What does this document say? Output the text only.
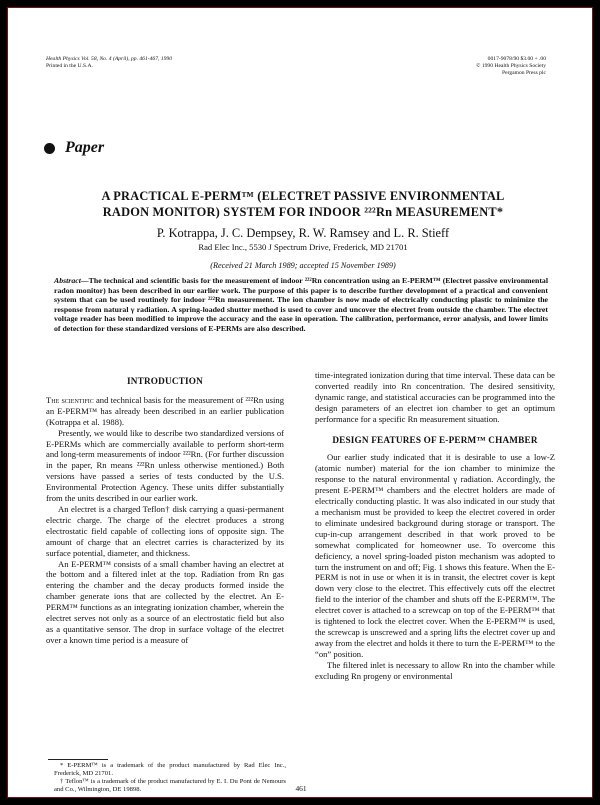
Health Physics Vol. 58, No. 4 (April), pp. 461-467, 1990
Printed in the U.S.A.
0017-9078/90 $3.00 + .00
© 1990 Health Physics Society
Pergamon Press plc
Paper
A PRACTICAL E-PERM™ (ELECTRET PASSIVE ENVIRONMENTAL
RADON MONITOR) SYSTEM FOR INDOOR ²²²Rn MEASUREMENT*
P. Kotrappa, J. C. Dempsey, R. W. Ramsey and L. R. Stieff
Rad Elec Inc., 5530 J Spectrum Drive, Frederick, MD 21701
(Received 21 March 1989; accepted 15 November 1989)
Abstract—The technical and scientific basis for the measurement of indoor ²²²Rn concentration using an E-PERM™ (Electret passive environmental radon monitor) has been described in our earlier work. The purpose of this paper is to describe further development of a practical and convenient system that can be used routinely for indoor ²²²Rn measurement. The ion chamber is now made of electrically conducting plastic to minimize the response from natural γ radiation. A spring-loaded shutter method is used to cover and uncover the electret from outside the chamber. The electret voltage reader has been modified to improve the accuracy and the ease in operation. The calibration, performance, error analysis, and lower limits of detection for these standardized versions of E-PERMs are also described.
INTRODUCTION

The scientific and technical basis for the measurement of ²²²Rn using an E-PERM™ has already been described in an earlier publication (Kotrappa et al. 1988).

Presently, we would like to describe two standardized versions of E-PERMs which are commercially available to perform short-term and long-term measurements of indoor ²²²Rn. (For further discussion in the paper, Rn means ²²²Rn unless otherwise mentioned.) Both versions have passed a series of tests conducted by the U.S. Environmental Protection Agency. These units differ substantially from the units described in our earlier work.

An electret is a charged Teflon† disk carrying a quasi-permanent electric charge. The charge of the electret produces a strong electrostatic field capable of collecting ions of opposite sign. The amount of charge that an electret carries is characterized by its surface potential, diameter, and thickness.

An E-PERM™ consists of a small chamber having an electret at the bottom and a filtered inlet at the top. Radiation from Rn gas entering the chamber and the decay products formed inside the chamber generate ions that are collected by the electret. An E-PERM™ functions as an integrating ionization chamber, wherein the electret serves not only as a source of an electrostatic field but also as a quantitative sensor. The drop in surface voltage of the electret over a known time period is a measure of

time-integrated ionization during that time interval. These data can be converted readily into Rn concentration. The desired sensitivity, dynamic range, and statistical accuracies can be programmed into the design parameters of an electret ion chamber to get an optimum performance for a specific Rn measurement situation.

DESIGN FEATURES OF E-PERM™ CHAMBER

Our earlier study indicated that it is desirable to use a low-Z (atomic number) material for the ion chamber to minimize the response to the natural environmental γ radiation. Accordingly, the present E-PERM™ chambers and the electret holders are made of electrically conducting plastic. It was also indicated in our study that a mechanism must be provided to keep the electret covered in order to eliminate undesired background during storage or transport. The cup-in-cup arrangement described in that work proved to be somewhat complicated for homeowner use. To overcome this deficiency, a novel spring-loaded piston mechanism was adopted to turn the instrument on and off; Fig. 1 shows this feature. When the E-PERM is not in use or when it is in transit, the electret cover is kept down very close to the electret. This effectively cuts off the electret field to the interior of the chamber and shuts off the E-PERM™. The electret cover is attached to a screwcap on top of the E-PERM™ that is tightened to lock the electret cover. When the E-PERM™ is used, the screwcap is unscrewed and a spring lifts the electret cover up and away from the electret and holds it there to turn the E-PERM™ to the “on” position.

The filtered inlet is necessary to allow Rn into the chamber while excluding Rn progeny or environmental

* E-PERM™ is a trademark of the product manufactured by Rad Elec Inc., Frederick, MD 21701.

† Teflon™ is a trademark of the product manufactured by E. I. Du Pont de Nemours and Co., Wilmington, DE 19898.	461
